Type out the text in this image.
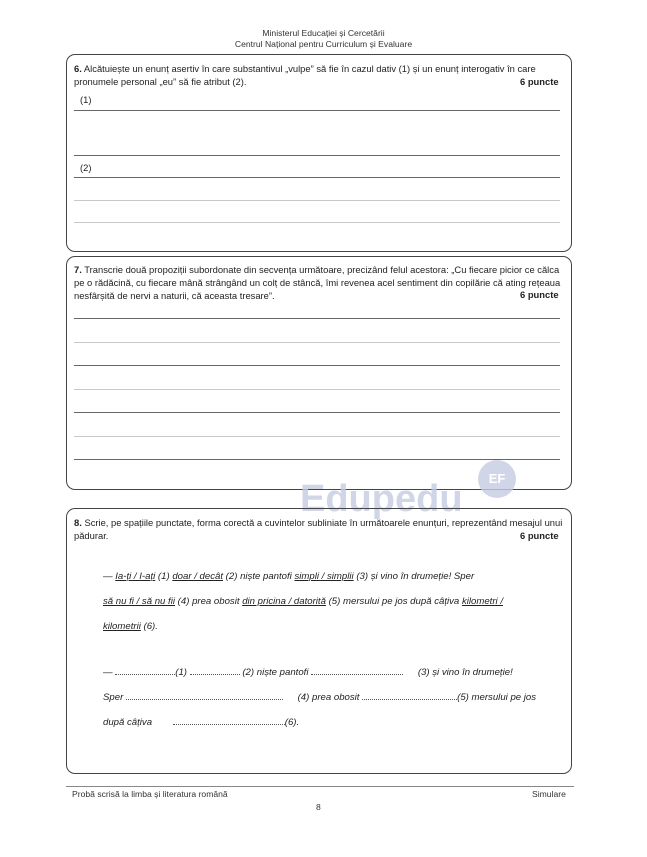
Ministerul Educației și Cercetării
Centrul Național pentru Curriculum și Evaluare
6. Alcătuiește un enunț asertiv în care substantivul „vulpe” să fie în cazul dativ (1) și un enunț interogativ în care pronumele personal „eu” să fie atribut (2).	6 puncte
(1)
(2)
7. Transcrie două propoziții subordonate din secvența următoare, precizând felul acestora: „Cu fiecare picior ce călca pe o rădăcină, cu fiecare mână strângând un colț de stâncă, îmi revenea acel sentiment din copilărie că ating rețeaua nesfârșită de nervi a naturii, că aceasta tresare”.	6 puncte
Edupedu	EF
8. Scrie, pe spațiile punctate, forma corectă a cuvintelor subliniate în următoarele enunțuri, reprezentând mesajul unui pădurar.	6 puncte
— Ia-ți / I-ați (1) doar / decât (2) niște pantofi simpli / simplii (3) și vino în drumeție! Sper
să nu fi / să nu fii (4) prea obosit din pricina / datorită (5) mersului pe jos după câțiva kilometri /
kilometrii (6).
—	(1)	(2) niște pantofi	(3) și vino în drumeție!
Sper	(4) prea obosit	(5) mersului pe jos
după câțiva	(6).
Probă scrisă la limba și literatura română	Simulare
8
